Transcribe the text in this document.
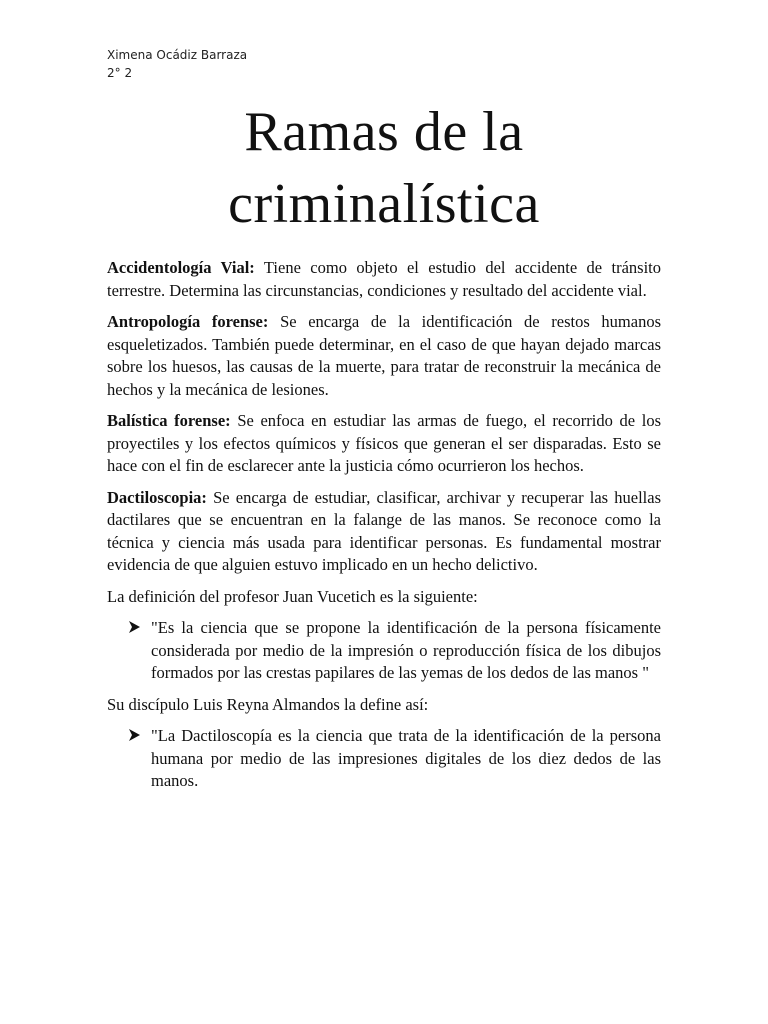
Ximena Ocádiz Barraza
2° 2
Ramas de la
criminalística

Accidentología Vial: Tiene como objeto el estudio del accidente de tránsito terrestre. Determina las circunstancias, condiciones y resultado del accidente vial.

Antropología forense: Se encarga de la identificación de restos humanos esqueletizados. También puede determinar, en el caso de que hayan dejado marcas sobre los huesos, las causas de la muerte, para tratar de reconstruir la mecánica de hechos y la mecánica de lesiones.

Balística forense: Se enfoca en estudiar las armas de fuego, el recorrido de los proyectiles y los efectos químicos y físicos que generan el ser disparadas. Esto se hace con el fin de esclarecer ante la justicia cómo ocurrieron los hechos.

Dactiloscopia: Se encarga de estudiar, clasificar, archivar y recuperar las huellas dactilares que se encuentran en la falange de las manos. Se reconoce como la técnica y ciencia más usada para identificar personas. Es fundamental mostrar evidencia de que alguien estuvo implicado en un hecho delictivo.

La definición del profesor Juan Vucetich es la siguiente:

"Es la ciencia que se propone la identificación de la persona físicamente considerada por medio de la impresión o reproducción física de los dibujos formados por las crestas papilares de las yemas de los dedos de las manos "

Su discípulo Luis Reyna Almandos la define así:

"La Dactiloscopía es la ciencia que trata de la identificación de la persona humana por medio de las impresiones digitales de los diez dedos de las manos.
